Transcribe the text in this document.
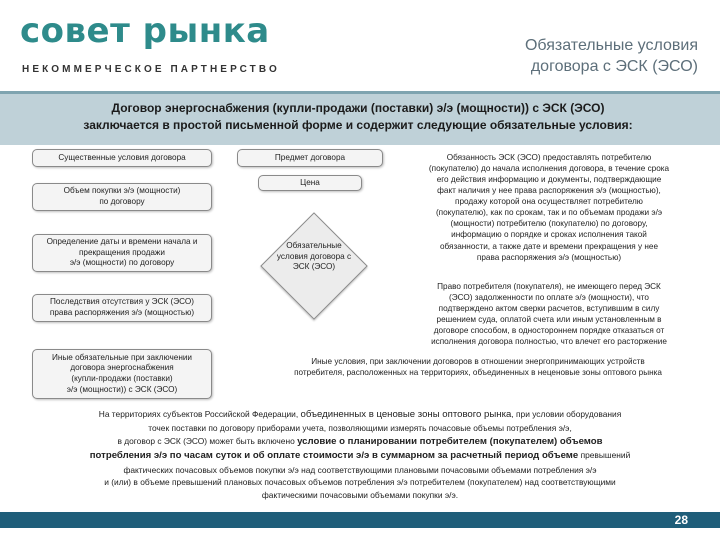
совет рынка
НЕКОММЕРЧЕСКОЕ ПАРТНЕРСТВО
Обязательные условия
договора с ЭСК (ЭСО)
Договор энергоснабжения (купли-продажи (поставки) э/э (мощности)) с ЭСК (ЭСО)
заключается в простой письменной форме и содержит следующие обязательные условия:
Существенные условия договора
Объем покупки э/э (мощности)
по договору
Определение даты и времени начала и
прекращения продажи
э/э (мощности) по договору
Последствия отсутствия у ЭСК (ЭСО)
права распоряжения э/э (мощностью)
Иные обязательные при заключении
договора энергоснабжения
(купли-продажи (поставки)
э/э (мощности)) с ЭСК (ЭСО)
Предмет договора
Цена
Обязательные
условия договора с
ЭСК (ЭСО)
Обязанность ЭСК (ЭСО) предоставлять потребителю
(покупателю) до начала исполнения договора, в течение срока
его действия информацию и документы, подтверждающие
факт наличия у нее права распоряжения э/э (мощностью),
продажу которой она осуществляет потребителю
(покупателю), как по срокам, так и по объемам продажи э/э
(мощности) потребителю (покупателю) по договору,
информацию о порядке и сроках исполнения такой
обязанности, а также дате и времени прекращения у нее
права распоряжения э/э (мощностью)
Право потребителя (покупателя), не имеющего перед ЭСК
(ЭСО) задолженности по оплате э/э (мощности), что
подтверждено актом сверки расчетов, вступившим в силу
решением суда, оплатой счета или иным установленным в
договоре способом, в одностороннем порядке отказаться от
исполнения договора полностью, что влечет его расторжение
Иные условия, при заключении договоров в отношении энергопринимающих устройств
потребителя, расположенных на территориях, объединенных в неценовые зоны оптового рынка
На территориях субъектов Российской Федерации, объединенных в ценовые зоны оптового рынка, при условии оборудования
точек поставки по договору приборами учета, позволяющими измерять почасовые объемы потребления э/э,
в договор с ЭСК (ЭСО) может быть включено условие о планировании потребителем (покупателем) объемов
потребления э/э по часам суток и об оплате стоимости э/э в суммарном за расчетный период объеме превышений
фактических почасовых объемов покупки э/э над соответствующими плановыми почасовыми объемами потребления э/э
и (или) в объеме превышений плановых почасовых объемов потребления э/э потребителем (покупателем) над соответствующими
фактическими почасовыми объемами покупки э/э.
28
